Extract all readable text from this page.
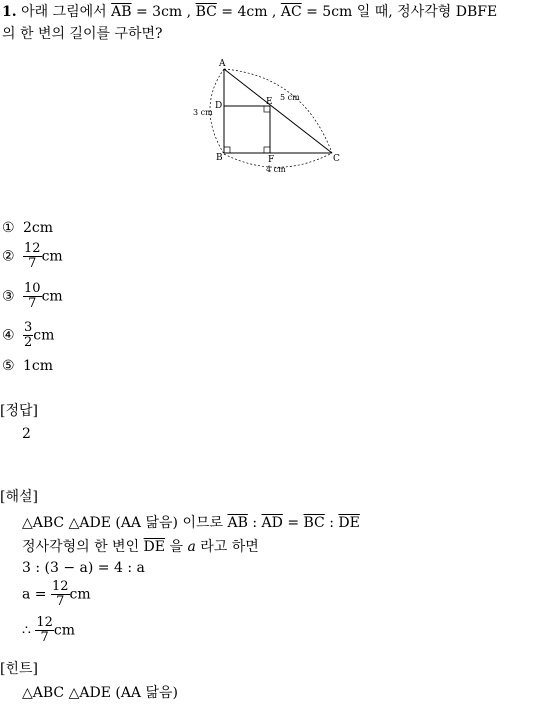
1. 아래 그림에서 $\overline{AB} = 3cm$ , $\overline{BC} = 4cm$ , $\overline{AC} = 5cm$ 일 때, 정사각형 DBFE
의 한 변의 길이를 구하면?
A
B	C
D	E
F
3 cm
5 cm
4 cm
① 2cm
② $\frac{12}{7}$ cm
③ $\frac{10}{7}$ cm
④ $\frac{3}{2}$ cm
⑤ 1cm
[정답]
2
[해설]
△ABC △ADE (AA 닮음) 이므로 $\overline{AB}$ : $\overline{AD} = \overline{BC}$ : $\overline{DE}$
정사각형의 한 변인 $\overline{DE}$ 을 a 라고 하면
3 : (3 − a) = 4 : a
$a = \frac{12}{7}$ cm
∴ $\frac{12}{7}$ cm
[힌트]
△ABC △ADE (AA 닮음)
